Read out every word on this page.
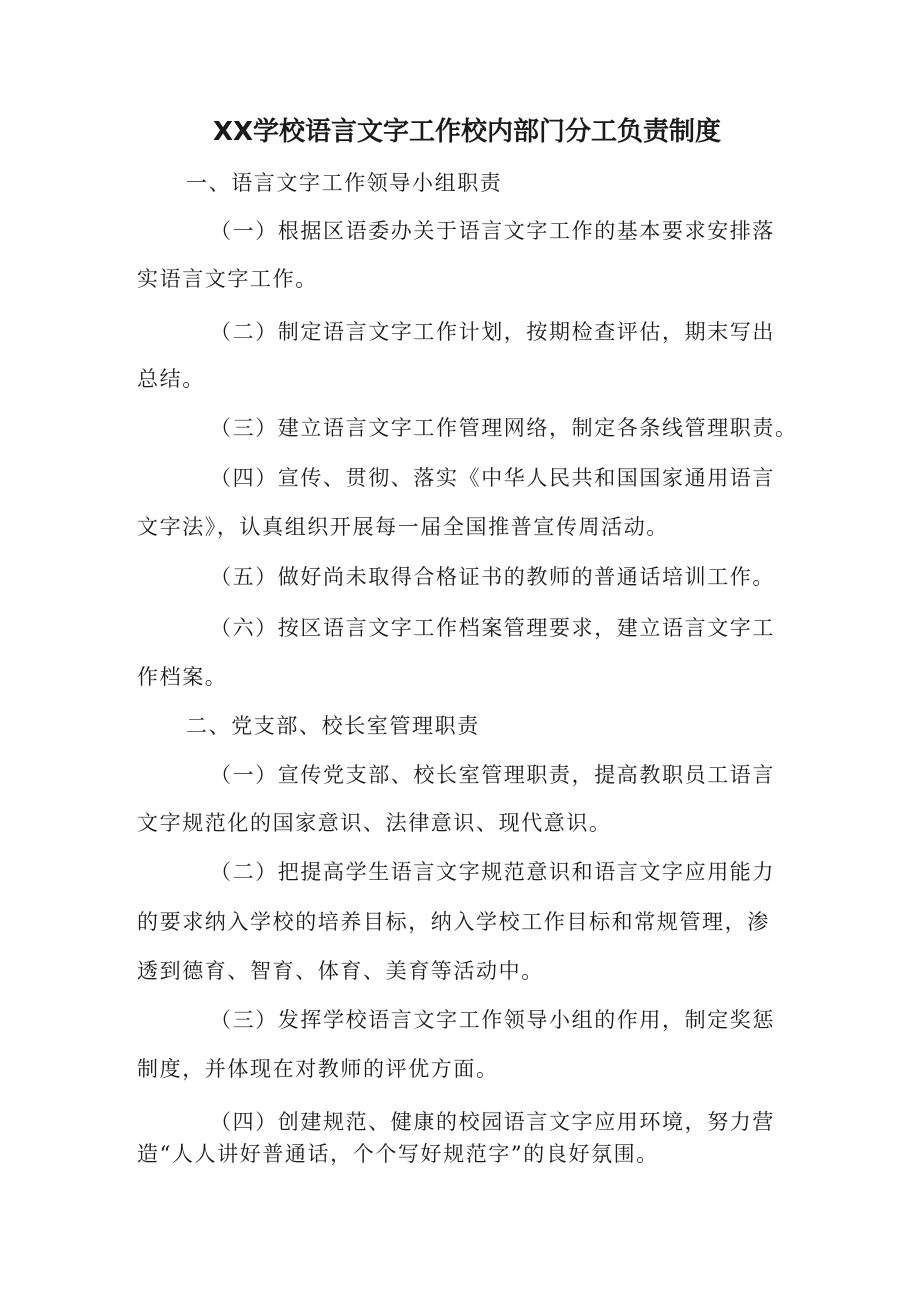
XX学校语言文字工作校内部门分工负责制度
一、语言文字工作领导小组职责
（一）根据区语委办关于语言文字工作的基本要求安排落
实语言文字工作。
（二）制定语言文字工作计划，按期检查评估，期末写出
总结。
（三）建立语言文字工作管理网络，制定各条线管理职责。
（四）宣传、贯彻、落实《中华人民共和国国家通用语言
文字法》，认真组织开展每一届全国推普宣传周活动。
（五）做好尚未取得合格证书的教师的普通话培训工作。
（六）按区语言文字工作档案管理要求，建立语言文字工
作档案。
二、党支部、校长室管理职责
（一）宣传党支部、校长室管理职责，提高教职员工语言
文字规范化的国家意识、法律意识、现代意识。
（二）把提高学生语言文字规范意识和语言文字应用能力
的要求纳入学校的培养目标，纳入学校工作目标和常规管理，渗
透到德育、智育、体育、美育等活动中。
（三）发挥学校语言文字工作领导小组的作用，制定奖惩
制度，并体现在对教师的评优方面。
（四）创建规范、健康的校园语言文字应用环境，努力营
造“人人讲好普通话，个个写好规范字”的良好氛围。
